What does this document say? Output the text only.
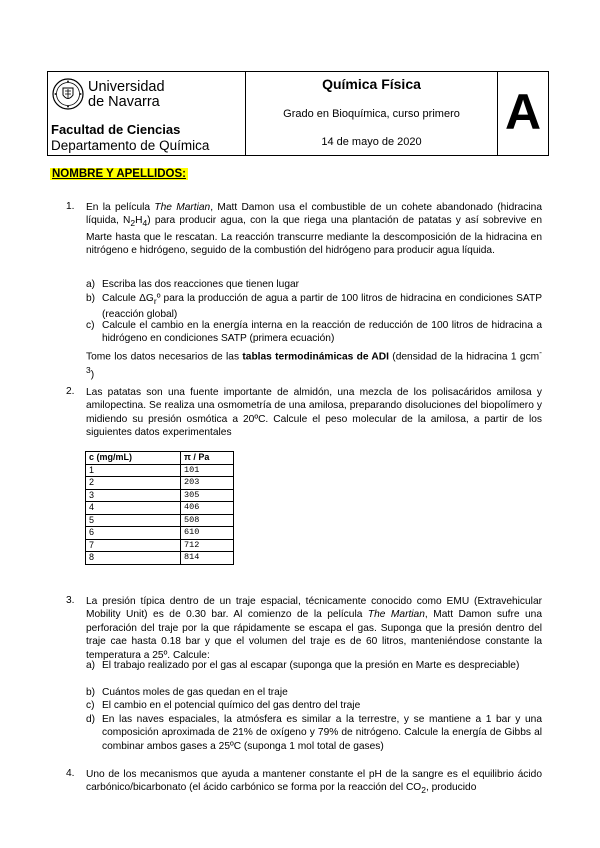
Universidad
de Navarra
Facultad de Ciencias
Departamento de Química
Química Física
Grado en Bioquímica, curso primero
14 de mayo de 2020
A
NOMBRE Y APELLIDOS:
1. En la película The Martian, Matt Damon usa el combustible de un cohete abandonado (hidracina líquida, $N_2H_4$) para producir agua, con la que riega una plantación de patatas y así sobrevive en Marte hasta que le rescatan. La reacción transcurre mediante la descomposición de la hidracina en nitrógeno e hidrógeno, seguido de la combustión del hidrógeno para producir agua líquida.
a) Escriba las dos reacciones que tienen lugar
b) Calcule $\Delta G_rº$ para la producción de agua a partir de 100 litros de hidracina en condiciones SATP (reacción global)
c) Calcule el cambio en la energía interna en la reacción de reducción de 100 litros de hidracina a hidrógeno en condiciones SATP (primera ecuación)
Tome los datos necesarios de las tablas termodinámicas de ADI (densidad de la hidracina 1 gcm$^{-3}$)
2. Las patatas son una fuente importante de almidón, una mezcla de los polisacáridos amilosa y amilopectina. Se realiza una osmometría de una amilosa, preparando disoluciones del biopolímero y midiendo su presión osmótica a 20ºC. Calcule el peso molecular de la amilosa, a partir de los siguientes datos experimentales
c (mg/mL)	π / Pa
1	101
2	203
3	305
4	406
5	508
6	610
7	712
8	814
3. La presión típica dentro de un traje espacial, técnicamente conocido como EMU (Extravehicular Mobility Unit) es de 0.30 bar. Al comienzo de la película The Martian, Matt Damon sufre una perforación del traje por la que rápidamente se escapa el gas. Suponga que la presión dentro del traje cae hasta 0.18 bar y que el volumen del traje es de 60 litros, manteniéndose constante la temperatura a 25º. Calcule:
a) El trabajo realizado por el gas al escapar (suponga que la presión en Marte es despreciable)
b) Cuántos moles de gas quedan en el traje
c) El cambio en el potencial químico del gas dentro del traje
d) En las naves espaciales, la atmósfera es similar a la terrestre, y se mantiene a 1 bar y una composición aproximada de 21% de oxígeno y 79% de nitrógeno. Calcule la energía de Gibbs al combinar ambos gases a 25ºC (suponga 1 mol total de gases)
4. Uno de los mecanismos que ayuda a mantener constante el pH de la sangre es el equilibrio ácido carbónico/bicarbonato (el ácido carbónico se forma por la reacción del $CO_2$, producido
